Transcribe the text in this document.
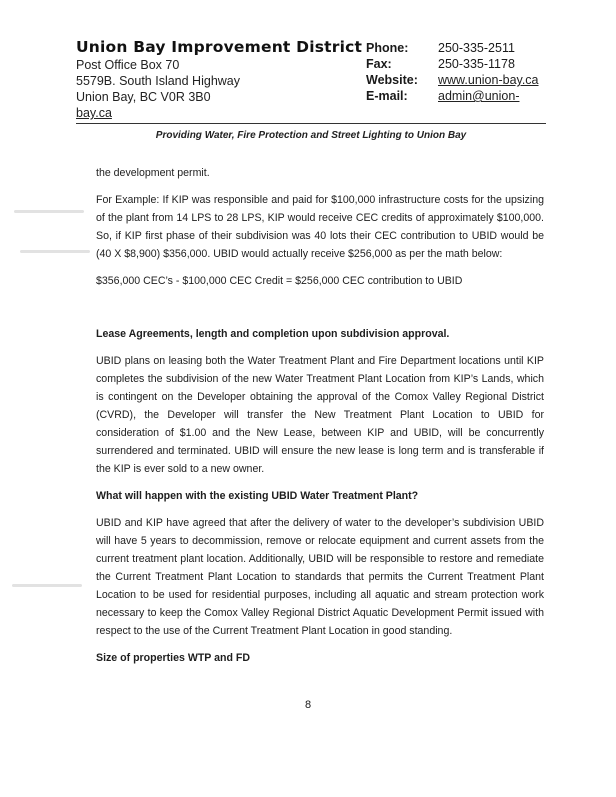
Union Bay Improvement District
Post Office Box 70
5579B. South Island Highway
Union Bay, BC V0R 3B0
bay.ca
Phone:
Fax:
Website:
E-mail:
250-335-2511
250-335-1178
www.union-bay.ca
admin@union-
Providing Water, Fire Protection and Street Lighting to Union Bay

the development permit.

For Example: If KIP was responsible and paid for $100,000 infrastructure costs for the upsizing of the plant from 14 LPS to 28 LPS, KIP would receive CEC credits of approximately $100,000. So, if KIP first phase of their subdivision was 40 lots their CEC contribution to UBID would be (40 X $8,900) $356,000. UBID would actually receive $256,000 as per the math below:

$356,000 CEC’s - $100,000 CEC Credit = $256,000 CEC contribution to UBID

Lease Agreements, length and completion upon subdivision approval.

UBID plans on leasing both the Water Treatment Plant and Fire Department locations until KIP completes the subdivision of the new Water Treatment Plant Location from KIP’s Lands, which is contingent on the Developer obtaining the approval of the Comox Valley Regional District (CVRD), the Developer will transfer the New Treatment Plant Location to UBID for consideration of $1.00 and the New Lease, between KIP and UBID, will be concurrently surrendered and terminated. UBID will ensure the new lease is long term and is transferable if the KIP is ever sold to a new owner.

What will happen with the existing UBID Water Treatment Plant?

UBID and KIP have agreed that after the delivery of water to the developer’s subdivision UBID will have 5 years to decommission, remove or relocate equipment and current assets from the current treatment plant location. Additionally, UBID will be responsible to restore and remediate the Current Treatment Plant Location to standards that permits the Current Treatment Plant Location to be used for residential purposes, including all aquatic and stream protection work necessary to keep the Comox Valley Regional District Aquatic Development Permit issued with respect to the use of the Current Treatment Plant Location in good standing.

Size of properties WTP and FD
8
